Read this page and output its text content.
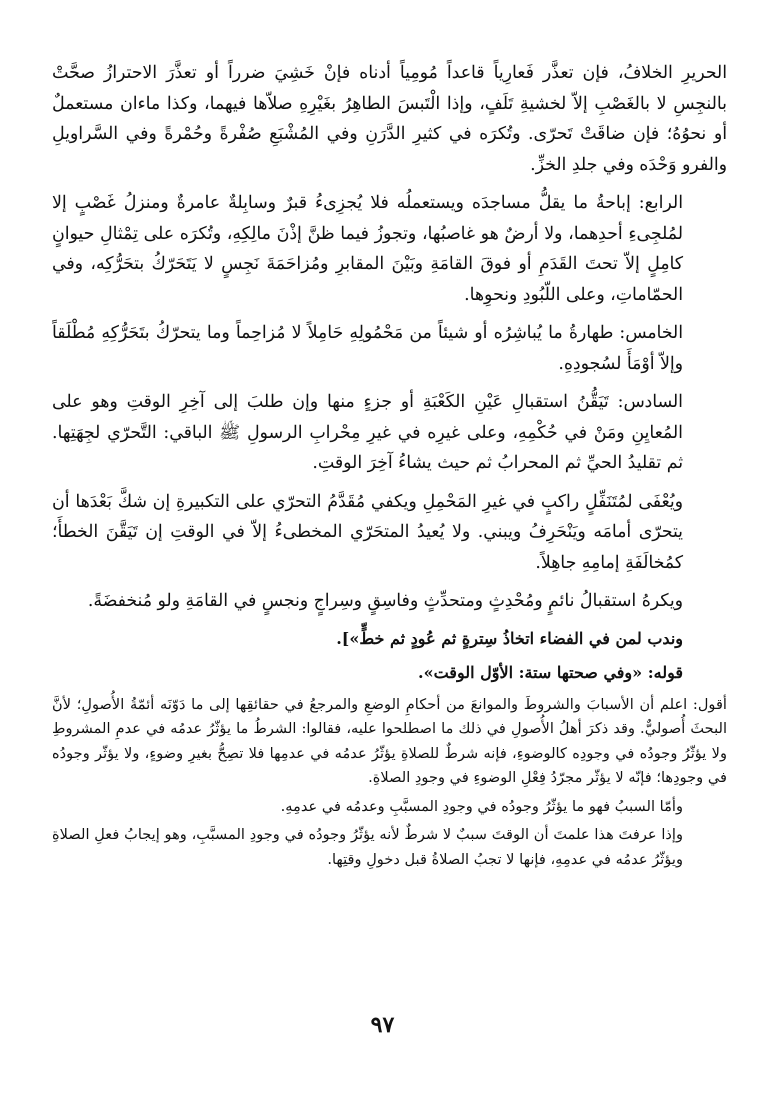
الحريرِ الخلافُ، فإن تعذَّر فَعارِياً قاعداً مُومِياً أدناه فإنْ خَشِيَ ضرراً أو تعذَّرَ الاحترازُ صحَّتْ بالنجِسِ لا بالغَصْبِ إلاّ لخشيةِ تَلَفٍ، وإذا الْتَبسَ الطاهِرُ بغَيْرِهِ صلاّها فيهما، وكذا ماءان مستعملٌ أو نحوُهُ؛ فإن ضاقَتْ تَحرّى. وتُكرَه في كثيرِ الدَّرَنِ وفي المُشْبَعِ صُفْرةً وحُمْرةً وفي السَّراويلِ والفرو وَحْدَه وفي جلدِ الخزِّ.

الرابع: إباحةُ ما يقلُّ مساجدَه ويستعملُه فلا يُجزِىءُ قبرٌ وسابِلةٌ عامرةٌ ومنزلُ غَصْبٍ إلا لمُلجِىءِ أحدِهما، ولا أرضٌ هو غاصبُها، وتجوزُ فيما ظنَّ إذْنَ مالِكِهِ، وتُكرَه على تِمْثالِ حيوانٍ كامِلٍ إلاّ تحتَ القَدَمِ أو فوقَ القامَةِ وبَيْنَ المقابرِ ومُزاحَمَةَ نَجِسٍ لا يَتَحَرّكُ بتحَرُّكِه، وفي الحمّاماتِ، وعلى اللّبُودِ ونحوِها.

الخامس: طهارةُ ما يُباشِرُه أو شيئاً من مَحْمُولِهِ حَامِلاً لا مُزاحِماً وما يتحرّكُ بتَحَرُّكِهِ مُطْلَقاً وإلاّ أوْمَأَ لسُجودِهِ.

السادس: تَيَقُّنُ استقبالِ عَيْنِ الكَعْبَةِ أو جزءٍ منها وإن طلبَ إلى آخِرِ الوقتِ وهو على المُعايِنِ ومَنْ في حُكْمِهِ، وعلى غيرِه في غيرِ مِحْرابِ الرسولِ ﷺ الباقي: التَّحرّي لجِهَتِها. ثم تقليدُ الحيِّ ثم المحرابُ ثم حيث يشاءُ آخِرَ الوقتِ.

ويُعْفَى لمُتَنَفِّلٍ راكبٍ في غيرِ المَحْمِلِ ويكفي مُقَدَّمُ التحرّي على التكبيرةِ إن شكَّ بَعْدَها أن يتحرّى أمامَه ويَنْحَرِفُ ويبني. ولا يُعيدُ المتحَرّي المخطىءُ إلاّ في الوقتِ إن تَيَقَّنَ الخطأَ؛ كمُخالَفَةِ إمامِهِ جاهِلاً.

ويكرهُ استقبالُ نائمٍ ومُحْدِثٍ ومتحدِّثٍ وفاسِقٍ وسِراجٍ ونجسٍ في القامَةِ ولو مُنخفضَةً.

وندب لمن في الفضاء اتخاذُ سِترةٍ ثم عُودٍ ثم خطٍّ»].

قوله: «وفي صحتها ستة: الأوّل الوقت».

أقول: اعلم أن الأسبابَ والشروطَ والموانعَ من أحكامِ الوضعِ والمرجعُ في حقائقِها إلى ما دَوّنَه أئمّةُ الأُصولِ؛ لأنَّ البحثَ أُصوليٌّ. وقد ذكرَ أهلُ الأُصولِ في ذلك ما اصطلحوا عليه، فقالوا: الشرطُ ما يؤثّرُ عدمُه في عدمِ المشروطِ ولا يؤثّرُ وجودُه في وجودِه كالوضوءِ، فإنه شرطٌ للصلاةِ يؤثّرُ عدمُه في عدمِها فلا تصِحُّ بغيرِ وضوءٍ، ولا يؤثّر وجودُه في وجودِها؛ فإنّه لا يؤثّر مجرّدُ فِعْلِ الوضوءِ في وجودِ الصلاةِ.

وأمّا السببُ فهو ما يؤثّرُ وجودُه في وجودِ المسبَّبِ وعدمُه في عدمِهِ.

وإذا عرفتَ هذا علمتَ أن الوقتَ سببٌ لا شرطٌ لأنه يؤثّرُ وجودُه في وجودِ المسبَّبِ، وهو إيجابُ فعلِ الصلاةِ ويؤثّرُ عدمُه في عدمِهِ، فإنها لا تجبُ الصلاةُ قبل دخولِ وقتِها.

٩٧
